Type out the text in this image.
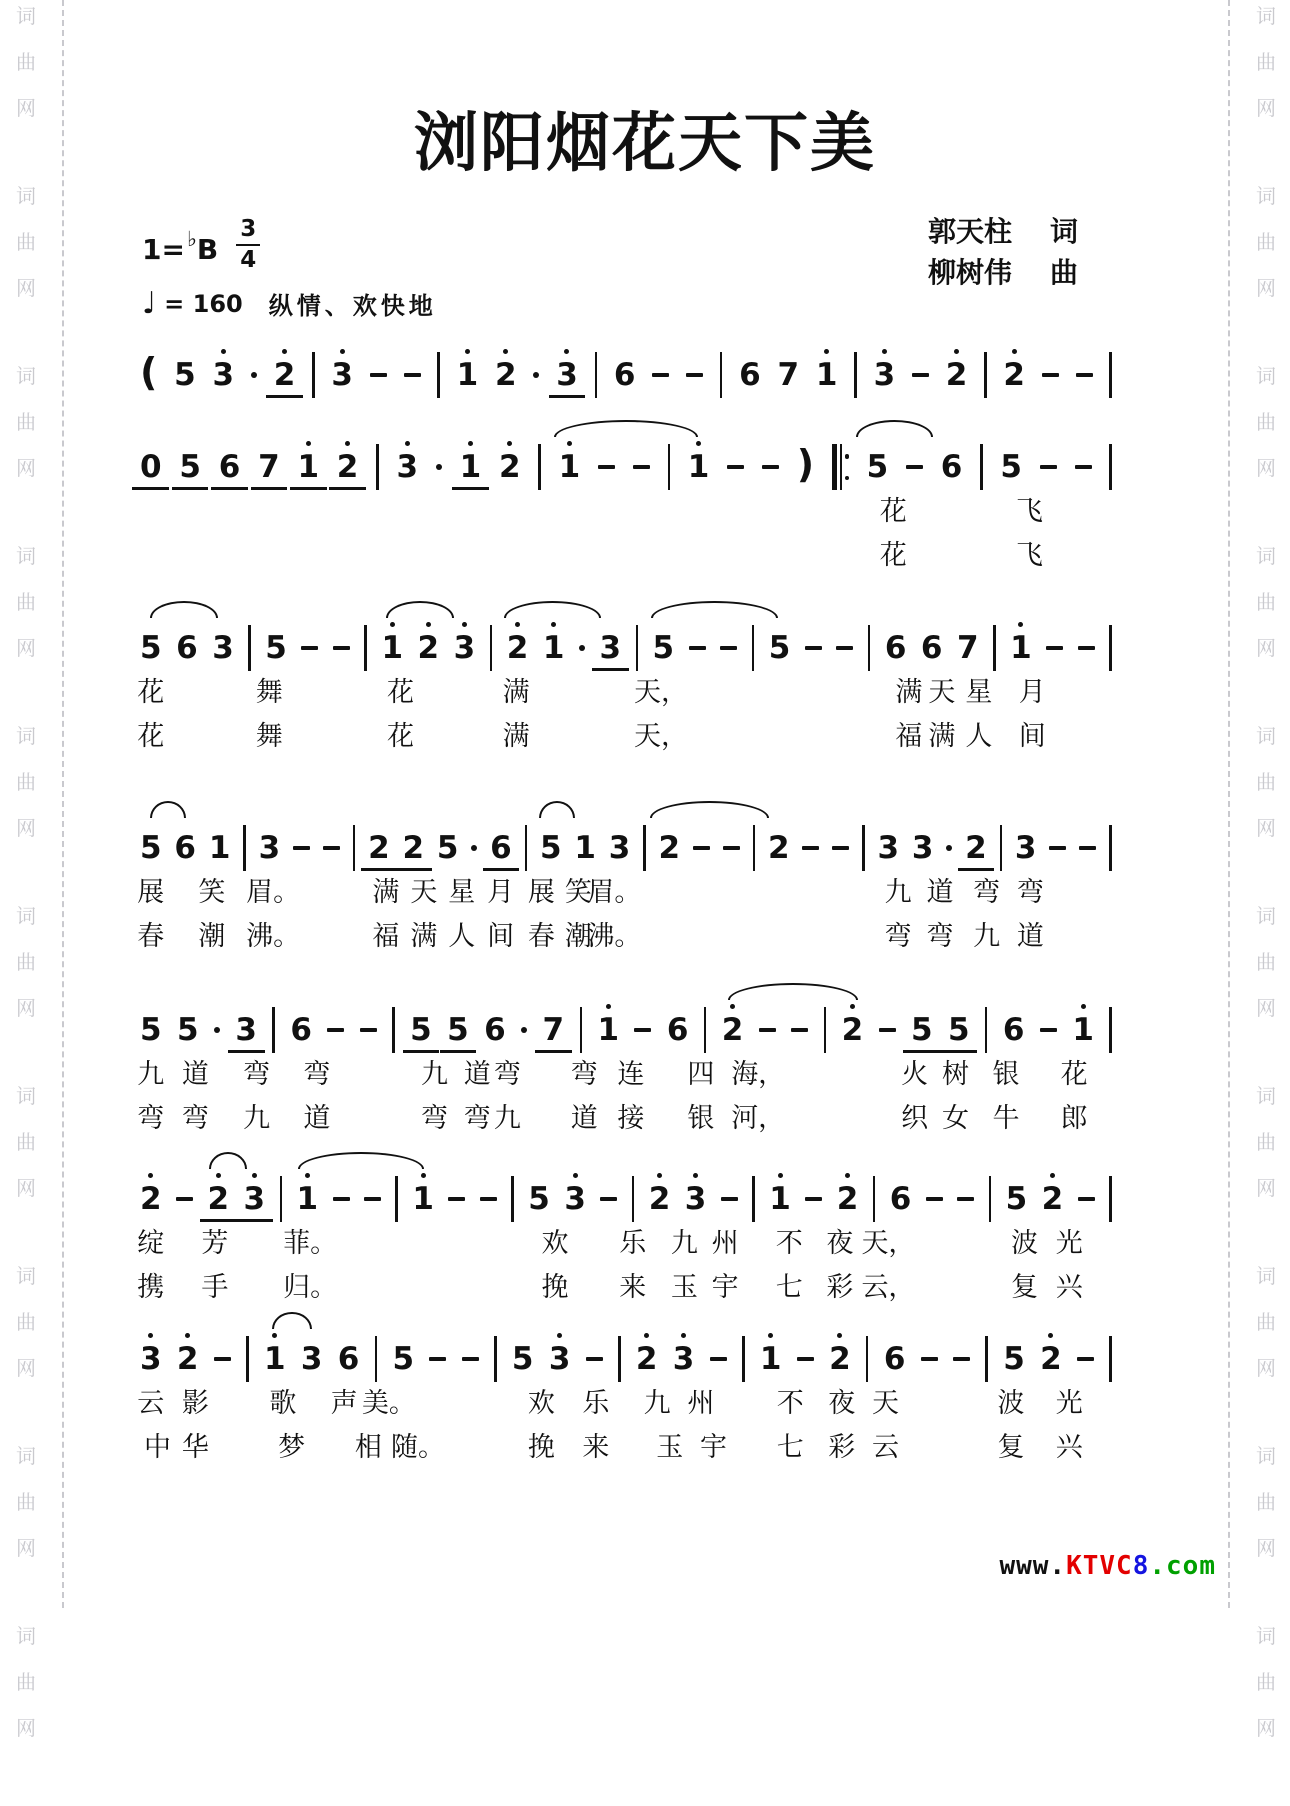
词
曲
网
词
曲
网
词
曲
网
词
曲
网
词
曲
网
词
曲
网
词
曲
网
词
曲
网
词
曲
网
词
曲
网
词
曲
网
词
曲
网
词
曲
网
词
曲
网
词
曲
网
词
曲
网
词
曲
网
词
曲
网
词
曲
网
词
曲
网
浏阳烟花天下美
1 = ♭ B $\frac{3}{4}$
♩ = 160 纵情、欢快地
郭天柱 词
柳树伟 曲
( 5 3 2 3	1 2 3 6	6 7 1 3 2 2
0 5 6 7 1 2 3 1 2 1	1 ) 5 6 5
花	飞
花	飞
5 6 3 5	1 2 3 2 1 3 5	5	6 6 7 1
花	舞	花	满	天，	满 天 星 月
花	舞	花	满	天，	福 满 人 间
5 6 1 3	2 2 5 6 5 1 3 2	2	3 3 2 3
展 笑 眉。	满 天 星 月 展 笑
眉。	九 道 弯 弯
春 潮 沸。	福 满 人 间 春 潮
沸。	弯 弯 九 道
5 5 3 6	5 5 6 7 1 6 2	2 5 5 6 1
九 道 弯 弯	九 道 弯 弯 连 四 海，	火 树 银 花
弯 弯 九 道	弯 弯 九 道 接 银 河，	织 女 牛 郎
2 2 3 1	1	5 3 2 3 1 2 6	5 2
绽 芳 菲。	欢 乐 九 州 不 夜 天，	波 光
携 手 归。	挽 来 玉 宇 七 彩 云，	复 兴
3 2 1 3 6 5	5 3 2 3 1 2 6	5 2
云 影 歌 声 美。	欢 乐 九 州 不 夜 天	波 光
中 华	梦 相 随。	挽 来 玉 宇 七 彩 云	复 兴
www.KTVC8.com
